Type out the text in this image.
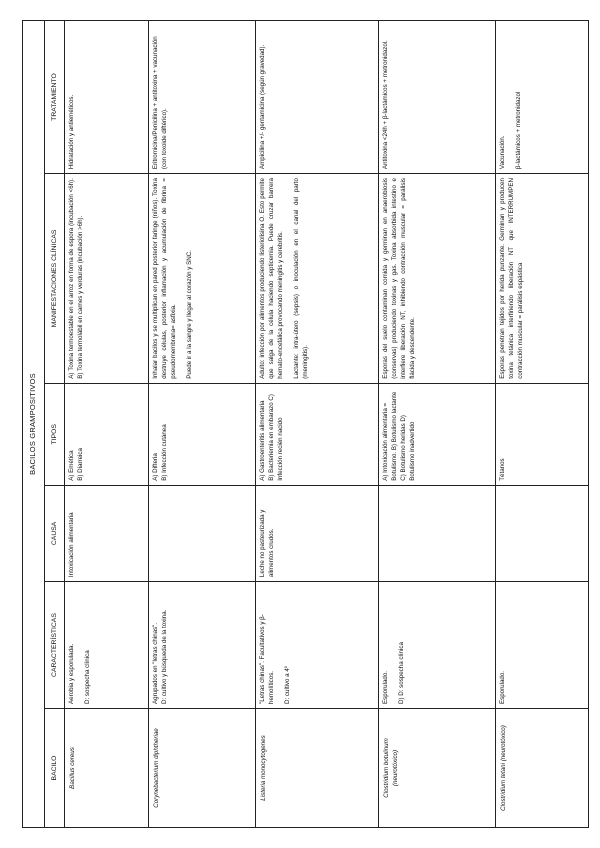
BACILOS GRAMPOSITIVOS					
BACILO	CARACTERÍSTICAS	CAUSA	TIPOS	MANIFESTACIONES CLÍNICAS	TRATAMIENTO

Bacillus cereus	Aerobia y esporulada. D: sospecha clínica	Intoxicación alimentaria	A) Emética B) Diarreica	A) Toxina termoestable en el arroz en forma de espora (incubación <6h). B) Toxina termolábil en carnes y verduras (incubación >6h).	Hidratación y antieméticos.

Corynebacterium diphtheriae	Agrupados en "letras chinas". D: cultivo y búsqueda de la toxina.		A) Difteria B) Infección cutánea	Inhalar bacilos y se multiplican en pared posterior faringe (niños). Toxina destruye células, posterior inflamación y acumulación de fibrina = pseudomembrana= asfixia. Puede ir a la sangre y llegar al corazón y SNC.	Eritromicina/Penicilina + antitoxina + vacunación (con toxoide diftérico).

Listeria monocytogenes	"Letras chinas". Facultativos y β-hemolíticos. D: cultivo a 4º	Leche no pasteurizada y alimentos crudos.	A) Gastroenteritis alimentaria B) Bacteriemia en embarazo C) Infección recién nacido	Adulto: infección por alimentos produciendo listeriolisina O. Esto permite que salga de la célula haciendo septicemia. Puede cruzar barrera hemato-encefálica provocando meningitis y cerebritis. Lactante: intra-útero (sepsis) o inoculación en el canal del parto (meningitis).	Ampicilina +/- gentamicina (según gravedad).

Clostridium botulinum (neurotóxico)	Esporulado. D) D: sospecha clínica		A) Intoxicación alimentaria = Botulismo. B) Botulismo lactante C) Botulismo heridas D) Botulismo inadvertido	Esporas del suelo contaminan comida y germinan en anaerobiosis (conservas) produciendo toxinas y gas. Toxina absorbida intestino e interfiere liberación NT, inhibiendo contracción muscular = parálisis flácida y descendente.	Antitoxina <24h + β-lactámicos + metronidazol.

Clostridium tetani (neurotóxico)	Esporulado.		Tétanos	Esporas penetran tejidos por herida punzante. Germinan y producen toxina tetánica interfiriendo liberación NT que INTERRUMPEN contracción muscular = parálisis espástica	Vacunación. β-lactámicos + metronidazol
